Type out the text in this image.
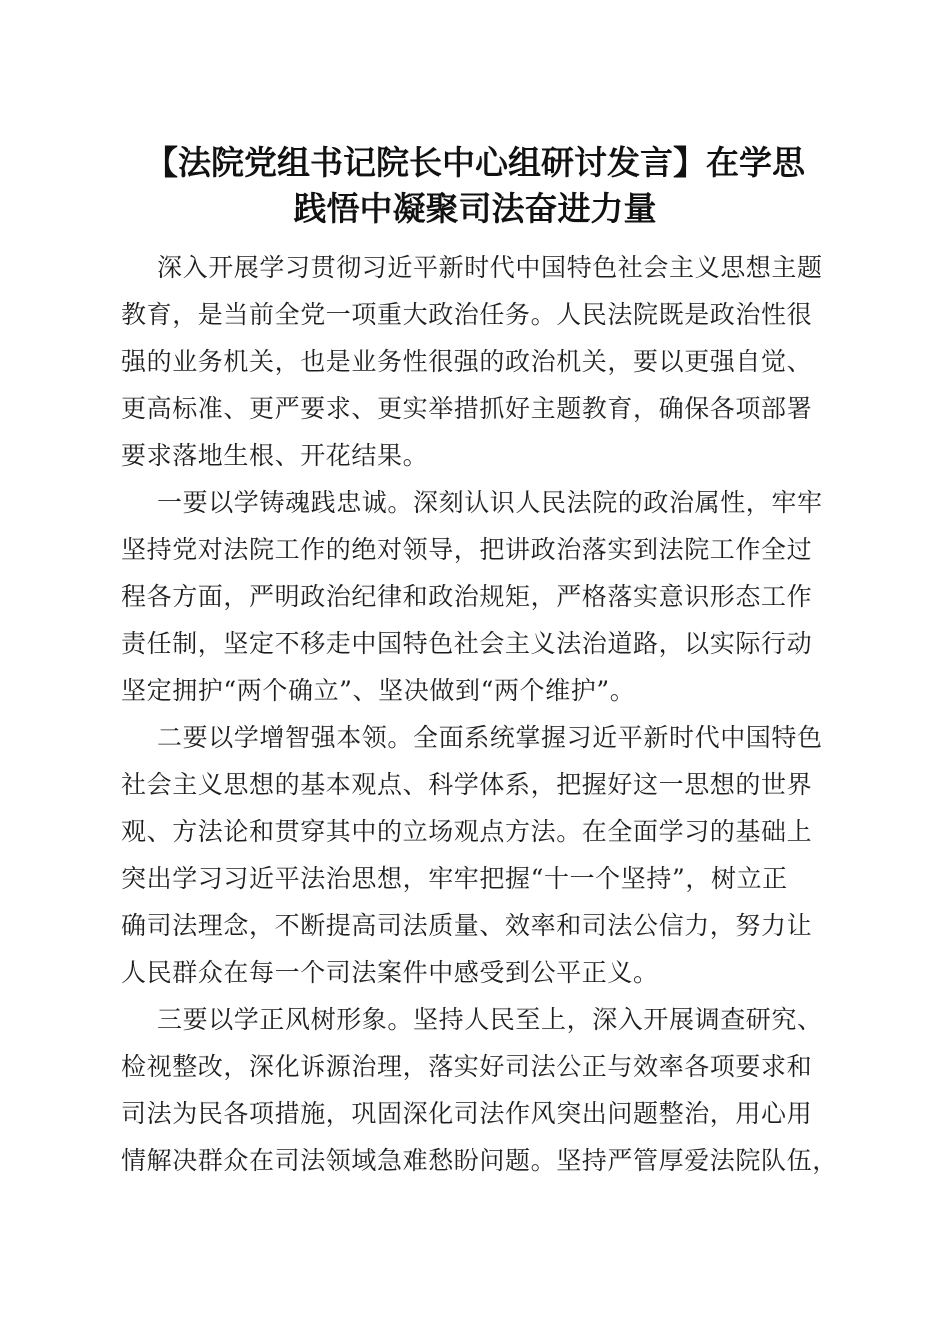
【法院党组书记院长中心组研讨发言】在学思
践悟中凝聚司法奋进力量
深入开展学习贯彻习近平新时代中国特色社会主义思想主题
教育，是当前全党一项重大政治任务。人民法院既是政治性很
强的业务机关，也是业务性很强的政治机关，要以更强自觉、
更高标准、更严要求、更实举措抓好主题教育，确保各项部署
要求落地生根、开花结果。
一要以学铸魂践忠诚。深刻认识人民法院的政治属性，牢牢
坚持党对法院工作的绝对领导，把讲政治落实到法院工作全过
程各方面，严明政治纪律和政治规矩，严格落实意识形态工作
责任制，坚定不移走中国特色社会主义法治道路，以实际行动
坚定拥护“两个确立”、坚决做到“两个维护”。
二要以学增智强本领。全面系统掌握习近平新时代中国特色
社会主义思想的基本观点、科学体系，把握好这一思想的世界
观、方法论和贯穿其中的立场观点方法。在全面学习的基础上
突出学习习近平法治思想，牢牢把握“十一个坚持”，树立正
确司法理念，不断提高司法质量、效率和司法公信力，努力让
人民群众在每一个司法案件中感受到公平正义。
三要以学正风树形象。坚持人民至上，深入开展调查研究、
检视整改，深化诉源治理，落实好司法公正与效率各项要求和
司法为民各项措施，巩固深化司法作风突出问题整治，用心用
情解决群众在司法领域急难愁盼问题。坚持严管厚爱法院队伍，
